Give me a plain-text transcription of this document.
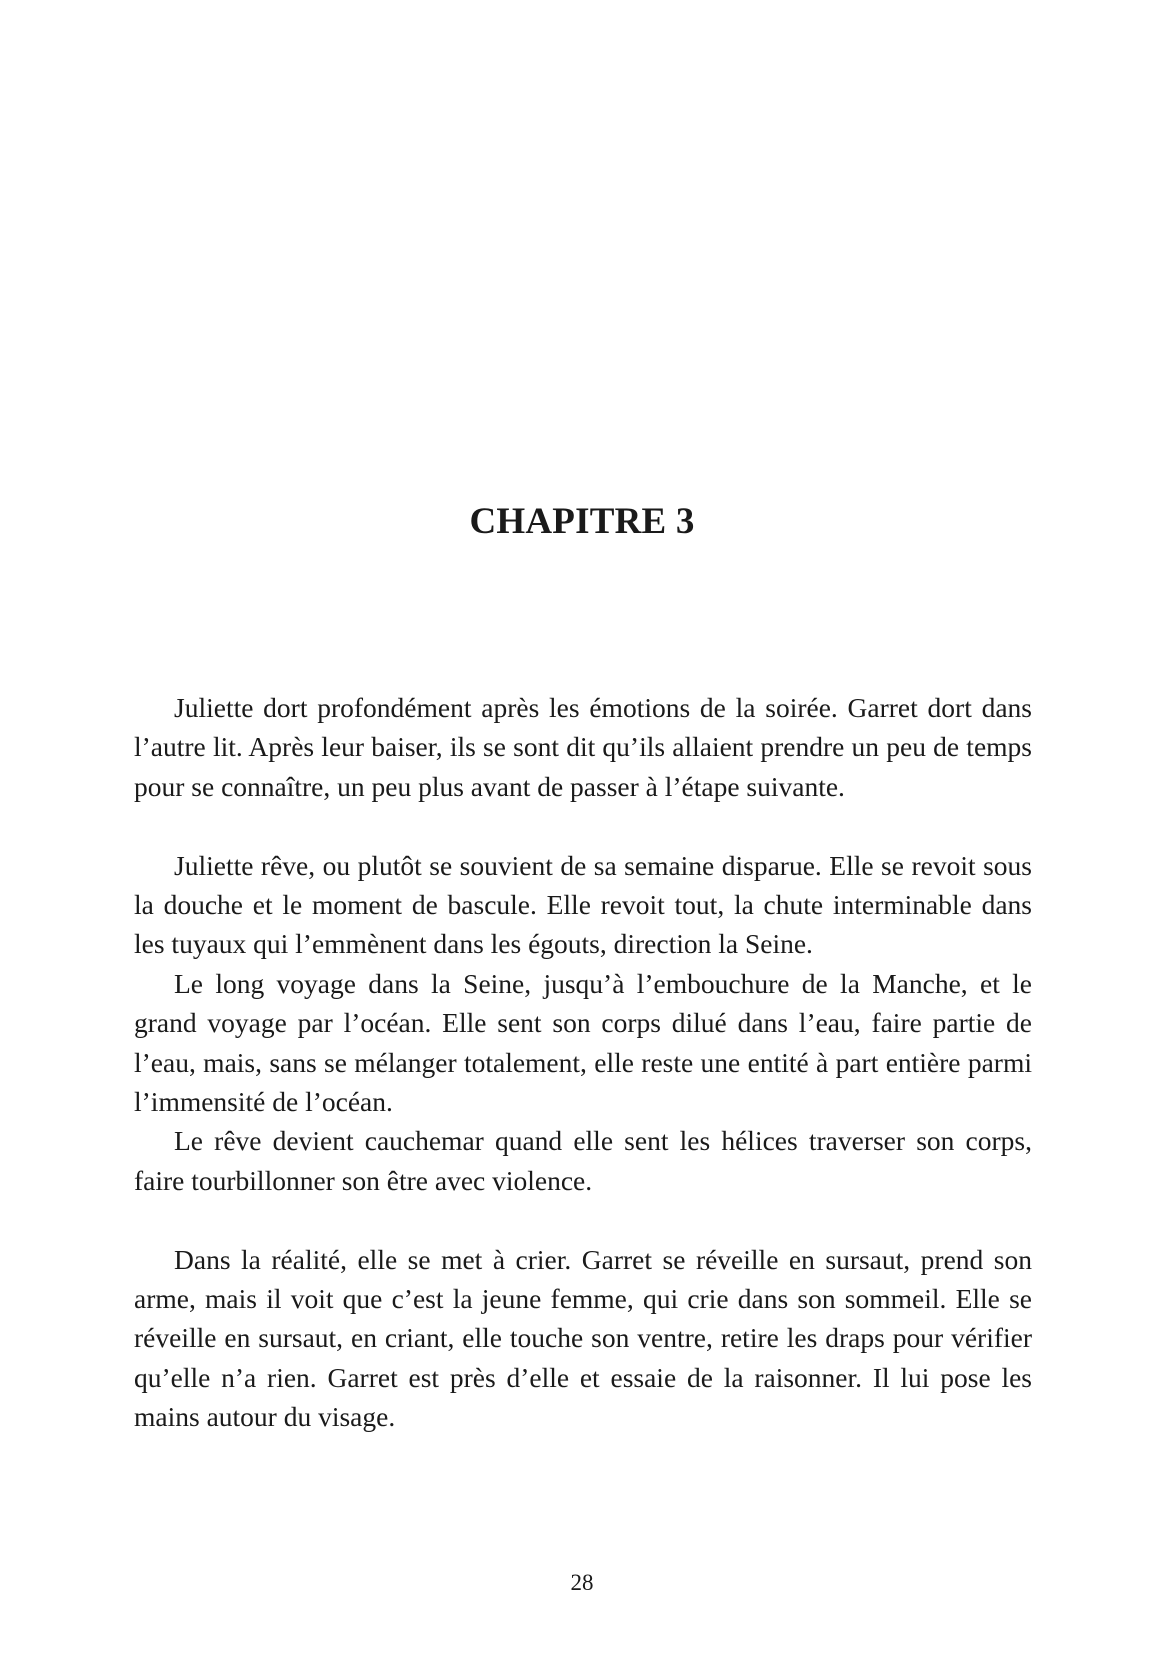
CHAPITRE 3

Juliette dort profondément après les émotions de la soirée. Garret dort dans l’autre lit. Après leur baiser, ils se sont dit qu’ils allaient prendre un peu de temps pour se connaître, un peu plus avant de passer à l’étape suivante.

Juliette rêve, ou plutôt se souvient de sa semaine disparue. Elle se revoit sous la douche et le moment de bascule. Elle revoit tout, la chute interminable dans les tuyaux qui l’emmènent dans les égouts, direction la Seine.

Le long voyage dans la Seine, jusqu’à l’embouchure de la Manche, et le grand voyage par l’océan. Elle sent son corps dilué dans l’eau, faire partie de l’eau, mais, sans se mélanger totalement, elle reste une entité à part entière parmi l’immensité de l’océan.

Le rêve devient cauchemar quand elle sent les hélices traverser son corps, faire tourbillonner son être avec violence.

Dans la réalité, elle se met à crier. Garret se réveille en sursaut, prend son arme, mais il voit que c’est la jeune femme, qui crie dans son sommeil. Elle se réveille en sursaut, en criant, elle touche son ventre, retire les draps pour vérifier qu’elle n’a rien. Garret est près d’elle et essaie de la raisonner. Il lui pose les mains autour du visage.

28
